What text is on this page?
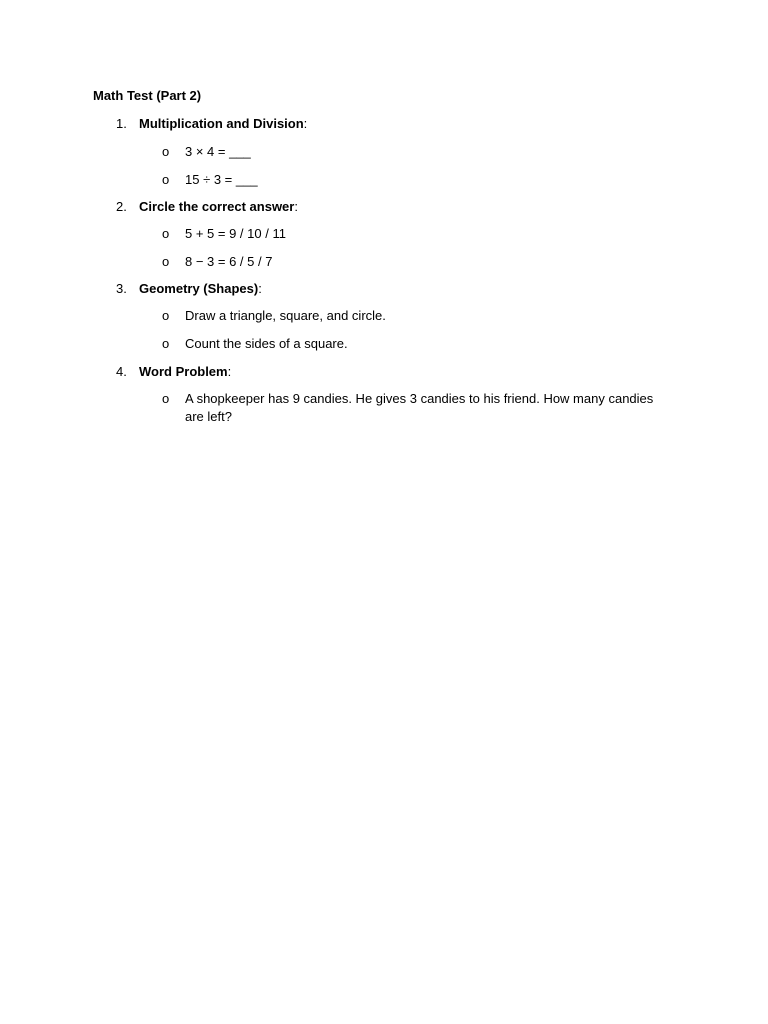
Math Test (Part 2)
1. Multiplication and Division:
o 3 × 4 = ___
o 15 ÷ 3 = ___
2. Circle the correct answer:
o 5 + 5 = 9 / 10 / 11
o 8 − 3 = 6 / 5 / 7
3. Geometry (Shapes):
o Draw a triangle, square, and circle.
o Count the sides of a square.
4. Word Problem:
o A shopkeeper has 9 candies. He gives 3 candies to his friend. How many candies are left?
